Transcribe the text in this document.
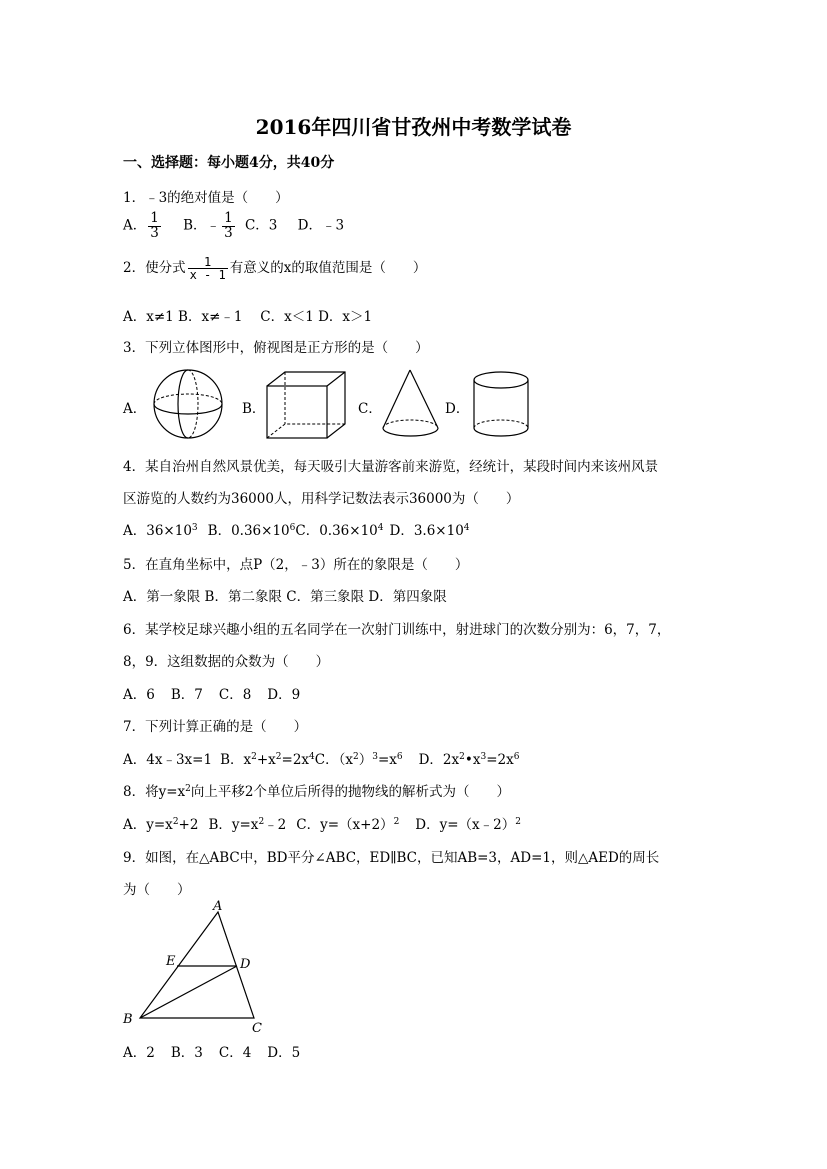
2016年四川省甘孜州中考数学试卷
一、选择题：每小题4分，共40分
1．﹣3的绝对值是（　　）
A． $\frac{1}{3}$ B．﹣ $\frac{1}{3}$ C．3 D．﹣3
2．使分式 $\frac{1}{x - 1}$ 有意义的x的取值范围是（　　）
A．x≠1 B．x≠﹣1　 C．x＜1 D．x＞1
3．下列立体图形中，俯视图是正方形的是（　　）
A．	B．	C．	D．
4．某自治州自然风景优美，每天吸引大量游客前来游览，经统计，某段时间内来该州风景
区游览的人数约为36000人，用科学记数法表示36000为（　　）
A．$36\times 10^3$ B．$0.36\times 10^6C$．$0.36\times 10^4$ D．$3.6\times 10^4$
5．在直角坐标中，点P（2，﹣3）所在的象限是（　　）
A．第一象限 B．第二象限 C．第三象限 D．第四象限
6．某学校足球兴趣小组的五名同学在一次射门训练中，射进球门的次数分别为：6，7，7，
8，9．这组数据的众数为（　　）
A．6 B．7 C．8 D．9
7．下列计算正确的是（　　）
A．4x﹣3x=1 B．$x^2+x^2=2x^4C$．$(x^2)^3=x^6$ D．$2x^2•x^3=2x^6$
8．将$y=x^2$向上平移2个单位后所得的抛物线的解析式为（　　）
A．$y=x^2+2$ B．$y=x^2﹣2$ C．$y=(x+2)^2$ D．y=（x﹣2）$^2$
9．如图，在△ABC中，BD平分∠ABC，ED∥BC，已知AB=3，AD=1，则△AED的周长
为（　　）
A
B
C
D
E
A．2 B．3 C．4 D．5
